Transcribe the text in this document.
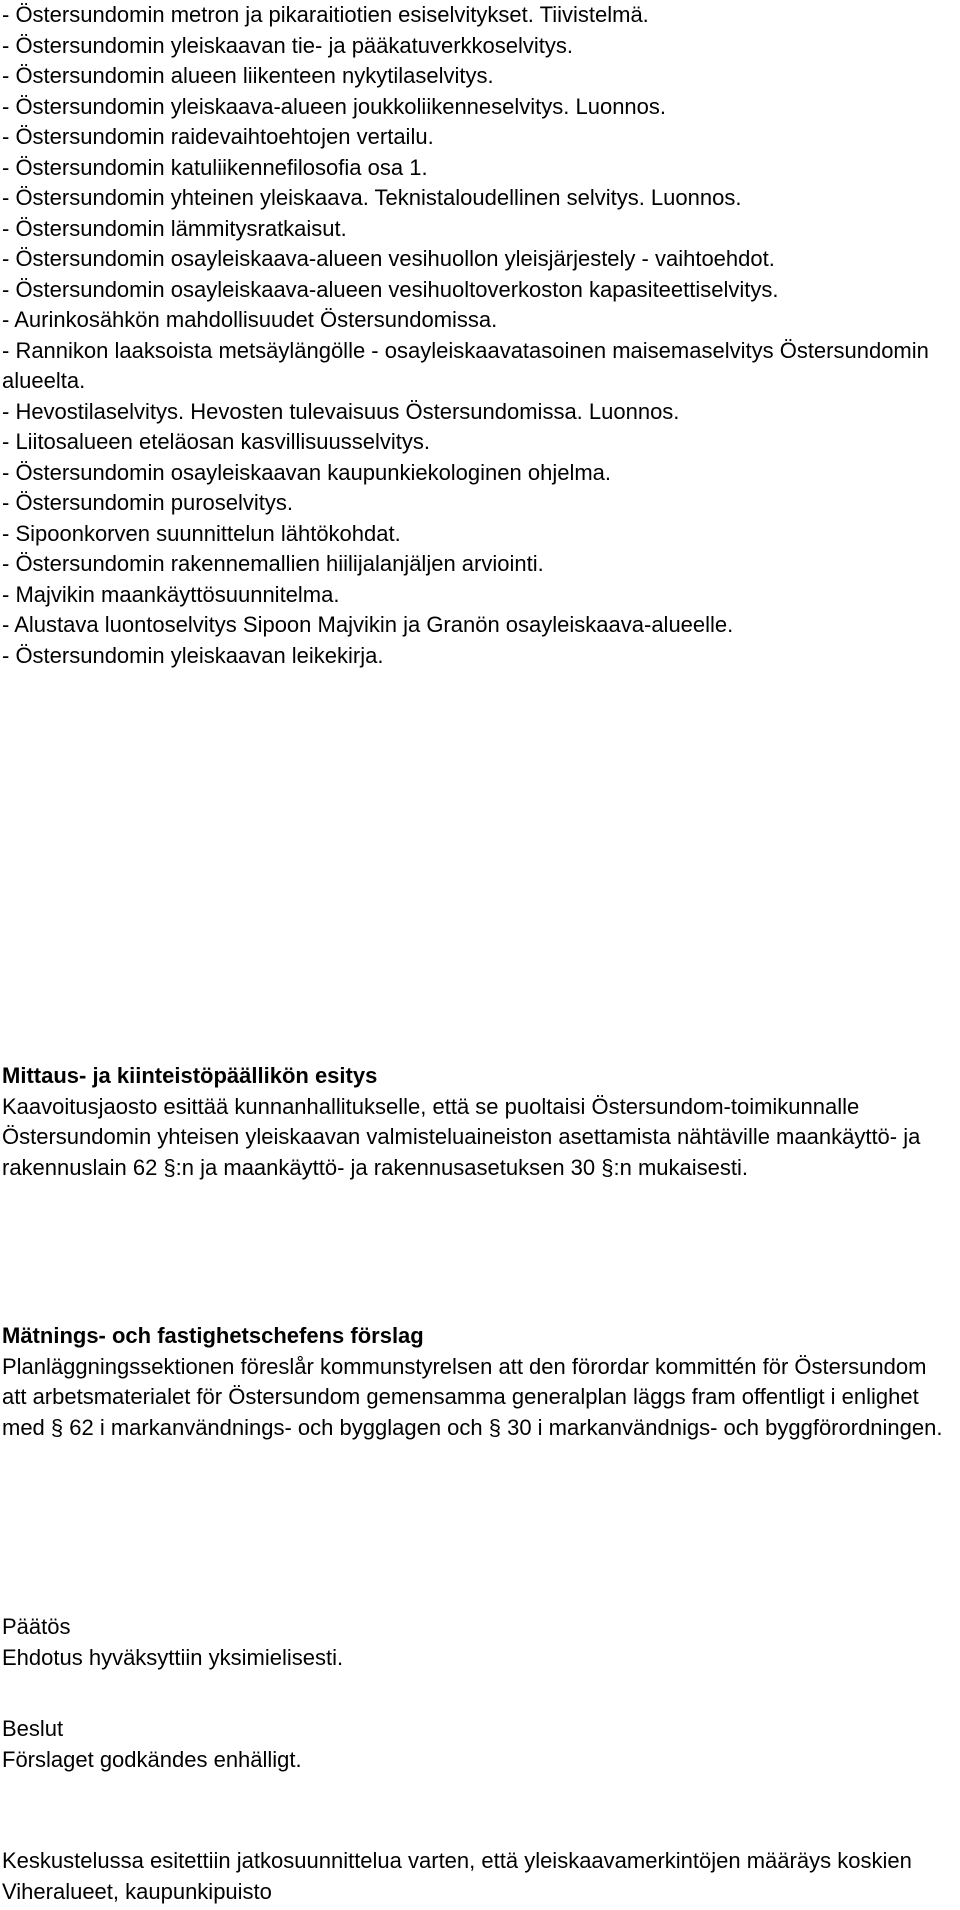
- Östersundomin metron ja pikaraitiotien esiselvitykset. Tiivistelmä.

- Östersundomin yleiskaavan tie- ja pääkatuverkkoselvitys.

- Östersundomin alueen liikenteen nykytilaselvitys.

- Östersundomin yleiskaava-alueen joukkoliikenneselvitys. Luonnos.

- Östersundomin raidevaihtoehtojen vertailu.

- Östersundomin katuliikennefilosofia osa 1.

- Östersundomin yhteinen yleiskaava. Teknistaloudellinen selvitys. Luonnos.

- Östersundomin lämmitysratkaisut.

- Östersundomin osayleiskaava-alueen vesihuollon yleisjärjestely - vaihtoehdot.

- Östersundomin osayleiskaava-alueen vesihuoltoverkoston kapasiteettiselvitys.

- Aurinkosähkön mahdollisuudet Östersundomissa.

- Rannikon laaksoista metsäylängölle - osayleiskaavatasoinen maisemaselvitys Östersundomin alueelta.

- Hevostilaselvitys. Hevosten tulevaisuus Östersundomissa. Luonnos.

- Liitosalueen eteläosan kasvillisuusselvitys.

- Östersundomin osayleiskaavan kaupunkiekologinen ohjelma.

- Östersundomin puroselvitys.

- Sipoonkorven suunnittelun lähtökohdat.

- Östersundomin rakennemallien hiilijalanjäljen arviointi.

- Majvikin maankäyttösuunnitelma.

- Alustava luontoselvitys Sipoon Majvikin ja Granön osayleiskaava-alueelle.

- Östersundomin yleiskaavan leikekirja.

Mittaus- ja kiinteistöpäällikön esitys

Kaavoitusjaosto esittää kunnanhallitukselle, että se puoltaisi Östersundom-toimikunnalle Östersundomin yhteisen yleiskaavan valmisteluaineiston asettamista nähtäville maankäyttö- ja rakennuslain 62 §:n ja maankäyttö- ja rakennusasetuksen 30 §:n mukaisesti.

Mätnings- och fastighetschefens förslag

Planläggningssektionen föreslår kommunstyrelsen att den förordar kommittén för Östersundom att arbetsmaterialet för Östersundom gemensamma generalplan läggs fram offentligt i enlighet med § 62 i markanvändnings- och bygglagen och § 30 i markanvändnigs- och byggförordningen.

Päätös

Ehdotus hyväksyttiin yksimielisesti.

Beslut

Förslaget godkändes enhälligt.

Keskustelussa esitettiin jatkosuunnittelua varten, että yleiskaavamerkintöjen määräys koskien Viheralueet, kaupunkipuisto
